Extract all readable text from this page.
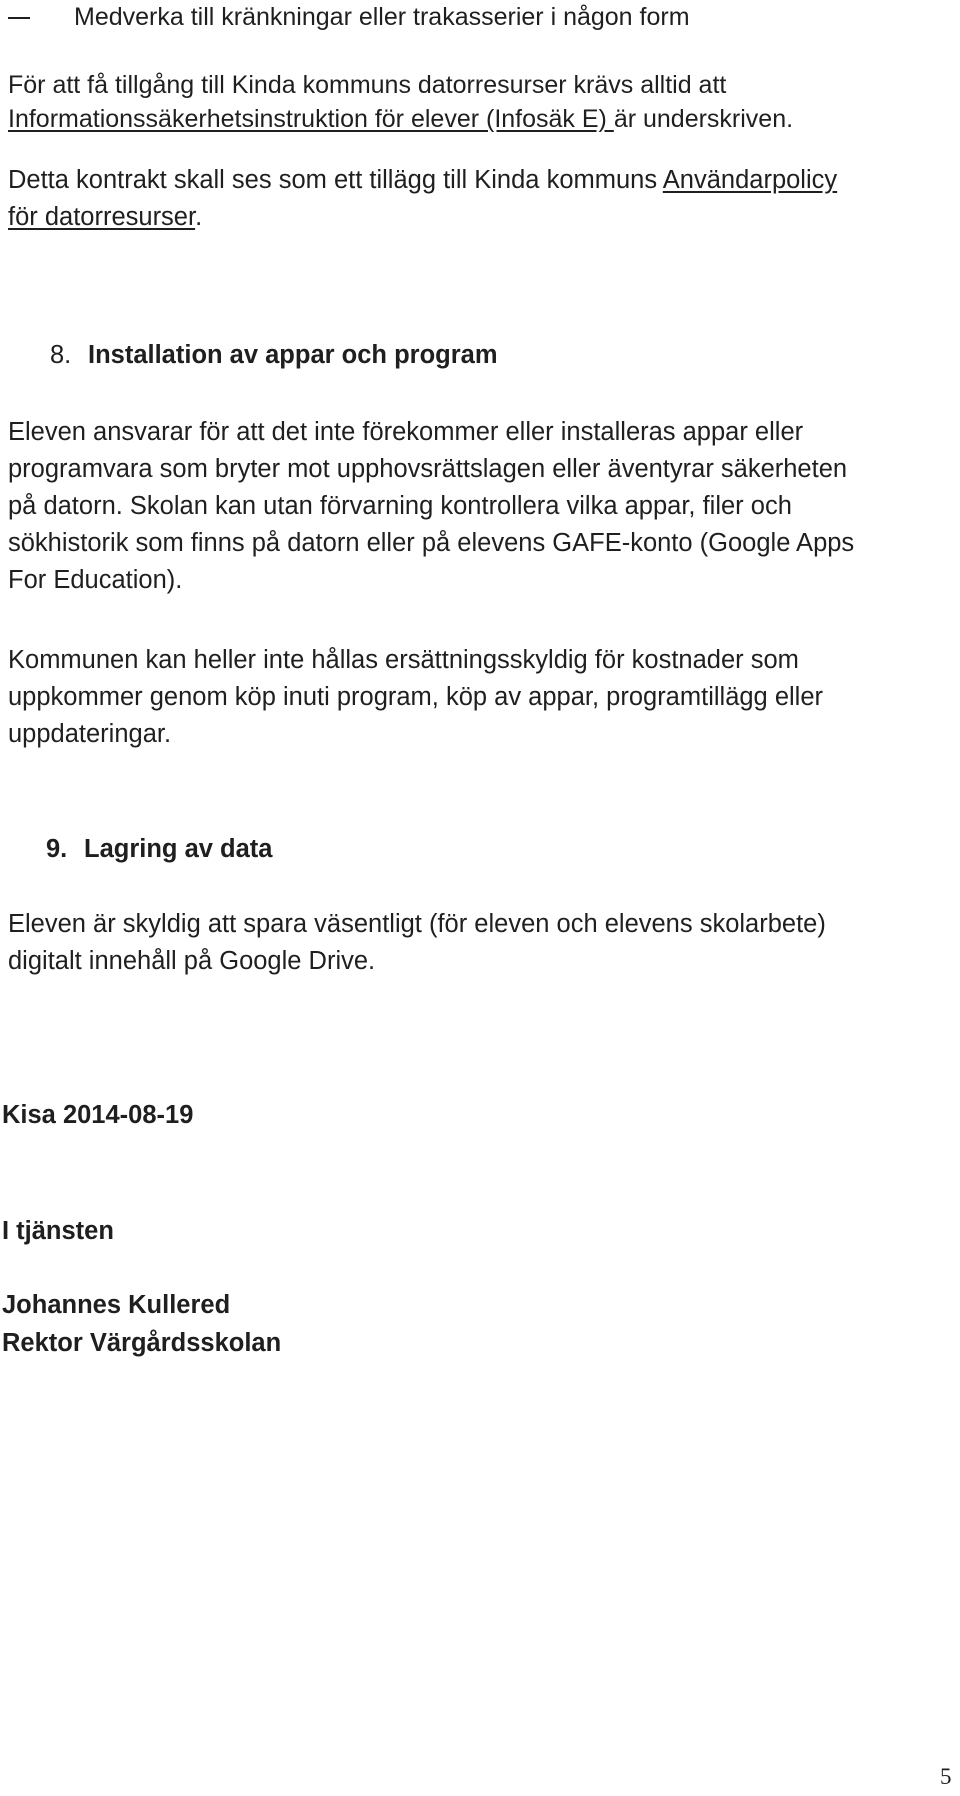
Medverka till kränkningar eller trakasserier i någon form
För att få tillgång till Kinda kommuns datorresurser krävs alltid att
Informationssäkerhetsinstruktion för elever (Infosäk E) är underskriven.
Detta kontrakt skall ses som ett tillägg till Kinda kommuns Användarpolicy
för datorresurser.
8. Installation av appar och program
Eleven ansvarar för att det inte förekommer eller installeras appar eller
programvara som bryter mot upphovsrättslagen eller äventyrar säkerheten
på datorn. Skolan kan utan förvarning kontrollera vilka appar, filer och
sökhistorik som finns på datorn eller på elevens GAFE-konto (Google Apps
For Education).
Kommunen kan heller inte hållas ersättningsskyldig för kostnader som
uppkommer genom köp inuti program, köp av appar, programtillägg eller
uppdateringar.
9. Lagring av data
Eleven är skyldig att spara väsentligt (för eleven och elevens skolarbete)
digitalt innehåll på Google Drive.
Kisa 2014-08-19
I tjänsten
Johannes Kullered
Rektor Värgårdsskolan
5
